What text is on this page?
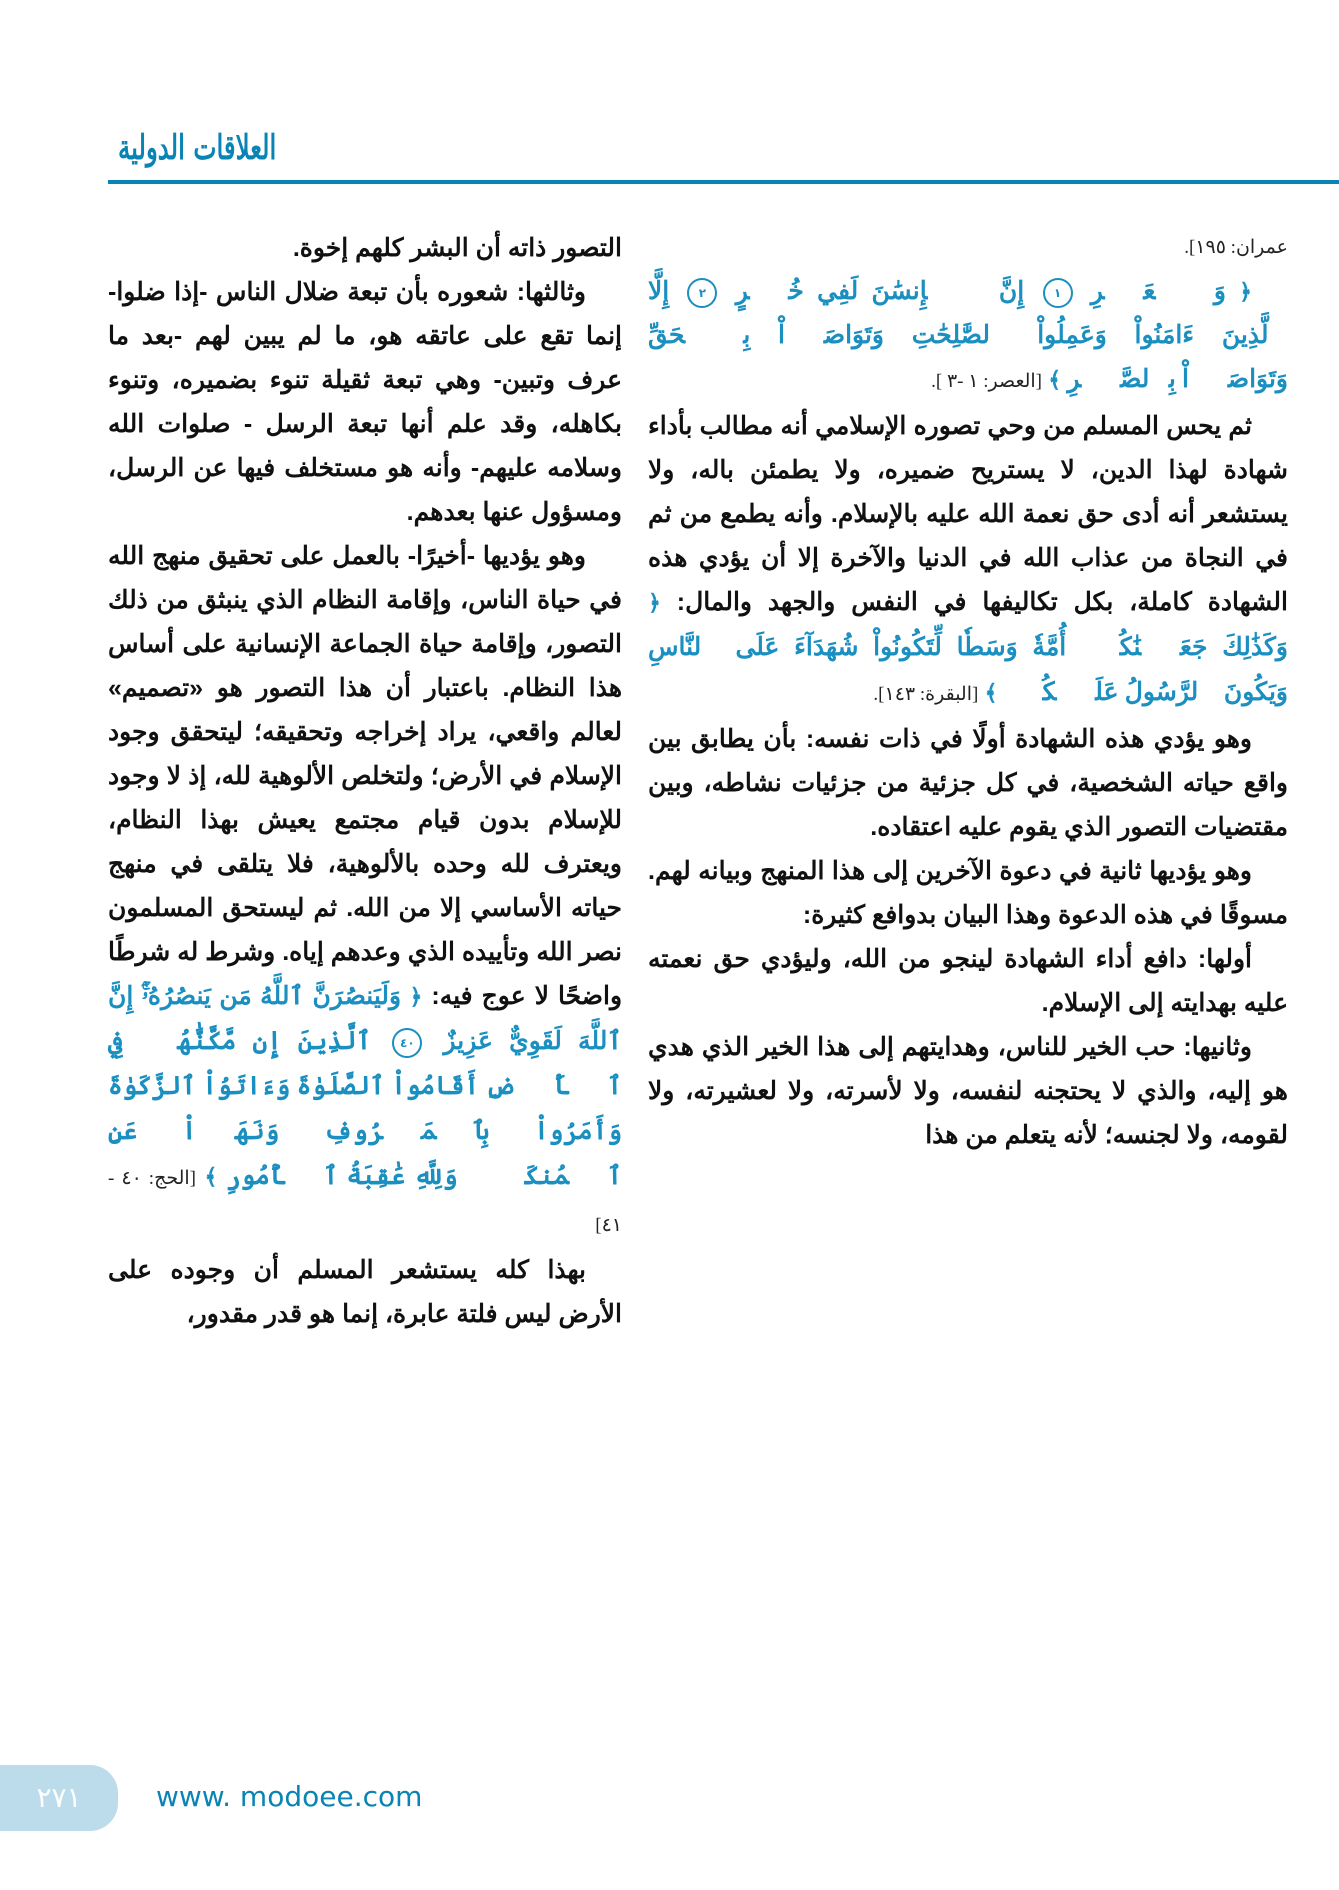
العلاقات الدولية

عمران: ١٩٥].

﴿ وَٱلۡعَصۡرِ ١ إِنَّ ٱلۡإِنسَٰنَ لَفِي خُسۡرٍ ٢ إِلَّا ٱلَّذِينَ ءَامَنُواْ وَعَمِلُواْ ٱلصَّٰلِحَٰتِ وَتَوَاصَوۡاْ بِٱلۡحَقِّ وَتَوَاصَوۡاْ بِٱلصَّبۡرِ ﴾ [العصر: ١ -٣ ].

ثم يحس المسلم من وحي تصوره الإسلامي أنه مطالب بأداء شهادة لهذا الدين، لا يستريح ضميره، ولا يطمئن باله، ولا يستشعر أنه أدى حق نعمة الله عليه بالإسلام. وأنه يطمع من ثم في النجاة من عذاب الله في الدنيا والآخرة إلا أن يؤدي هذه الشهادة كاملة، بكل تكاليفها في النفس والجهد والمال: ﴿ وَكَذَٰلِكَ جَعَلۡنَٰكُمۡ أُمَّةٗ وَسَطٗا لِّتَكُونُواْ شُهَدَآءَ عَلَى ٱلنَّاسِ وَيَكُونَ ٱلرَّسُولُ عَلَيۡكُمۡ ﴾ [البقرة: ١٤٣].

وهو يؤدي هذه الشهادة أولًا في ذات نفسه: بأن يطابق بين واقع حياته الشخصية، في كل جزئية من جزئيات نشاطه، وبين مقتضيات التصور الذي يقوم عليه اعتقاده.

وهو يؤديها ثانية في دعوة الآخرين إلى هذا المنهج وبيانه لهم. مسوقًا في هذه الدعوة وهذا البيان بدوافع كثيرة:

أولها: دافع أداء الشهادة لينجو من الله، وليؤدي حق نعمته عليه بهدايته إلى الإسلام.

وثانيها: حب الخير للناس، وهدايتهم إلى هذا الخير الذي هدي هو إليه، والذي لا يحتجنه لنفسه، ولا لأسرته، ولا لعشيرته، ولا لقومه، ولا لجنسه؛ لأنه يتعلم من هذا

التصور ذاته أن البشر كلهم إخوة.

وثالثها: شعوره بأن تبعة ضلال الناس -إذا ضلوا- إنما تقع على عاتقه هو، ما لم يبين لهم -بعد ما عرف وتبين- وهي تبعة ثقيلة تنوء بضميره، وتنوء بكاهله، وقد علم أنها تبعة الرسل - صلوات الله وسلامه عليهم- وأنه هو مستخلف فيها عن الرسل، ومسؤول عنها بعدهم.

وهو يؤديها -أخيرًا- بالعمل على تحقيق منهج الله في حياة الناس، وإقامة النظام الذي ينبثق من ذلك التصور، وإقامة حياة الجماعة الإنسانية على أساس هذا النظام. باعتبار أن هذا التصور هو «تصميم» لعالم واقعي، يراد إخراجه وتحقيقه؛ ليتحقق وجود الإسلام في الأرض؛ ولتخلص الألوهية لله، إذ لا وجود للإسلام بدون قيام مجتمع يعيش بهذا النظام، ويعترف لله وحده بالألوهية، فلا يتلقى في منهج حياته الأساسي إلا من الله. ثم ليستحق المسلمون نصر الله وتأييده الذي وعدهم إياه. وشرط له شرطًا واضحًا لا عوج فيه: ﴿ وَلَيَنصُرَنَّ ٱللَّهُ مَن يَنصُرُهُۥٓۚ إِنَّ ٱللَّهَ لَقَوِيٌّ عَزِيزٌ ٤٠ ٱلَّذِينَ إِن مَّكَّنَّٰهُمۡ فِي ٱلۡأَرۡضِ أَقَامُواْ ٱلصَّلَوٰةَ وَءَاتَوُاْ ٱلزَّكَوٰةَ وَأَمَرُواْ بِٱلۡمَعۡرُوفِ وَنَهَوۡاْ عَنِ ٱلۡمُنكَرِۗ وَلِلَّهِ عَٰقِبَةُ ٱلۡأُمُورِ ﴾ [الحج: ٤٠ - ٤١]

بهذا كله يستشعر المسلم أن وجوده على الأرض ليس فلتة عابرة، إنما هو قدر مقدور،

٢٧١	www. modoee.com
